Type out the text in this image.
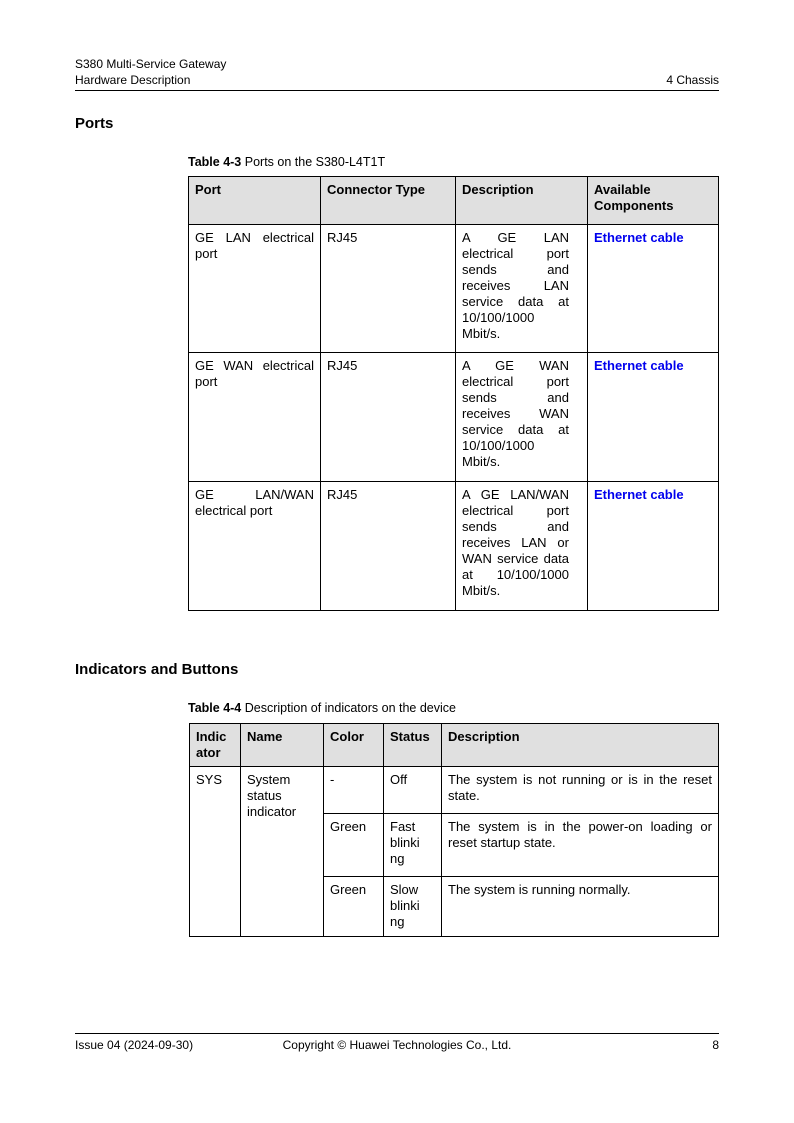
S380 Multi-Service Gateway
Hardware Description	4 Chassis
Ports
Table 4-3 Ports on the S380-L4T1T
Port	Connector Type	Description	Available Components
GE LAN electrical port	RJ45	A GE LAN electrical port sends and receives LAN service data at 10/100/1000 Mbit/s.	Ethernet cable
GE WAN electrical port	RJ45	A GE WAN electrical port sends and receives WAN service data at 10/100/1000 Mbit/s.	Ethernet cable
GE LAN/WAN electrical port	RJ45	A GE LAN/WAN electrical port sends and receives LAN or WAN service data at 10/100/1000 Mbit/s.	Ethernet cable
Indicators and Buttons
Table 4-4 Description of indicators on the device
Indicator	Name	Color	Status	Description
SYS	System status indicator	-	Off	The system is not running or is in the reset state.
		Green	Fast blinking	The system is in the power-on loading or reset startup state.
		Green	Slow blinking	The system is running normally.
Issue 04 (2024-09-30)	Copyright © Huawei Technologies Co., Ltd.	8
